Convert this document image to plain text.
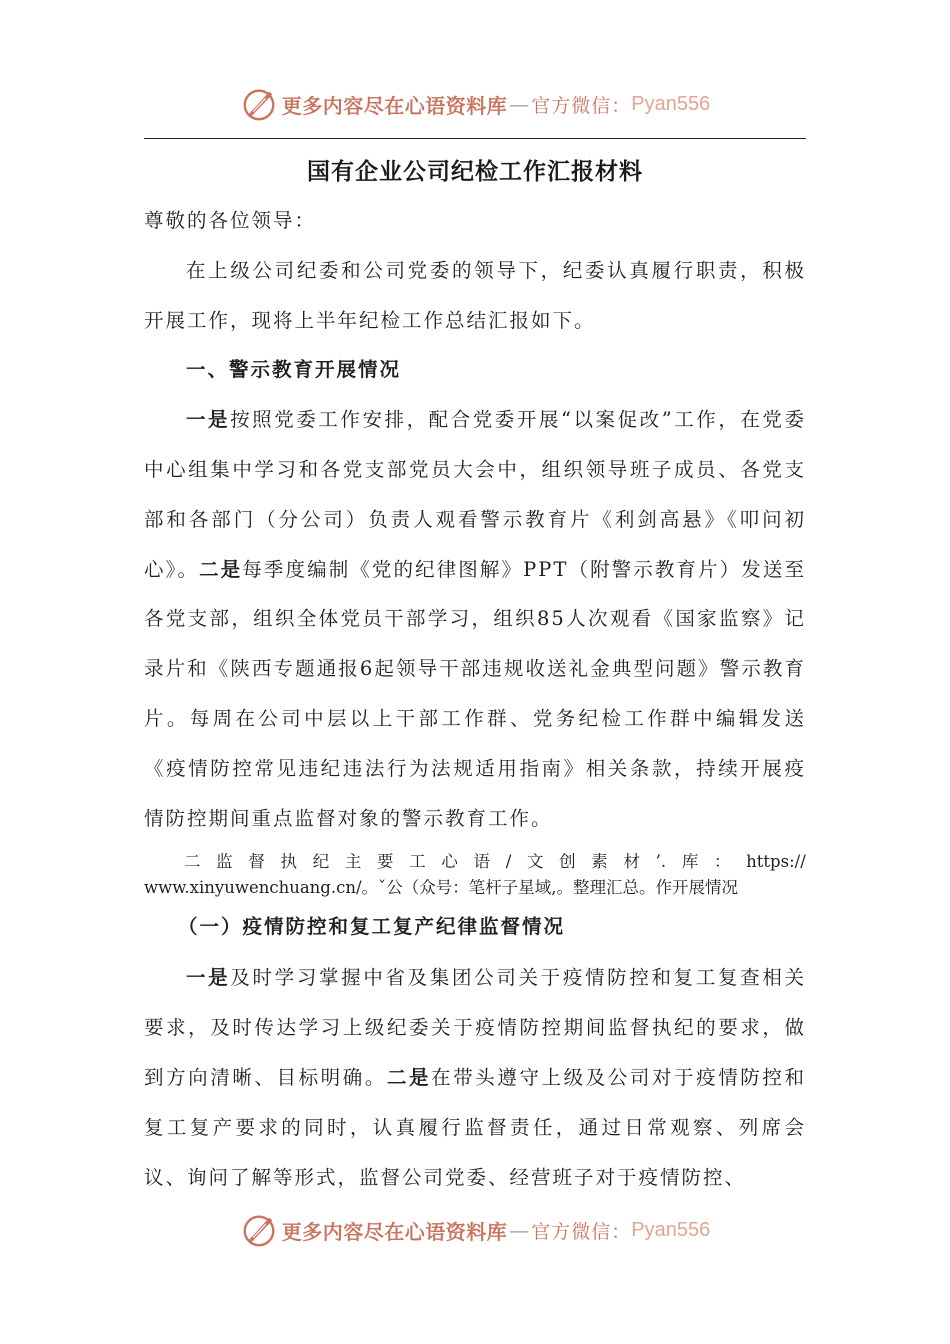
更多内容尽在心语资料库 — 官方微信： Pyan556
国有企业公司纪检工作汇报材料

尊敬的各位领导：

在上级公司纪委和公司党委的领导下，纪委认真履行职责，积极开展工作，现将上半年纪检工作总结汇报如下。

一、警示教育开展情况

一是按照党委工作安排，配合党委开展“以案促改”工作，在党委中心组集中学习和各党支部党员大会中，组织领导班子成员、各党支部和各部门（分公司）负责人观看警示教育片《利剑高悬》《叩问初心》。二是每季度编制《党的纪律图解》PPT（附警示教育片）发送至各党支部，组织全体党员干部学习，组织85人次观看《国家监察》记录片和《陕西专题通报6起领导干部违规收送礼金典型问题》警示教育片。每周在公司中层以上干部工作群、党务纪检工作群中编辑发送《疫情防控常见违纪违法行为法规适用指南》相关条款，持续开展疫情防控期间重点监督对象的警示教育工作。

二 监 督 执 纪 主 要 工 心 语 / 文 创 素 材 ’. 库 ： https://
www.xinyuwenchuang.cn/。ˇ公（众号：笔杆子星域,。整理汇总。作开展情况

（一）疫情防控和复工复产纪律监督情况

一是及时学习掌握中省及集团公司关于疫情防控和复工复查相关要求，及时传达学习上级纪委关于疫情防控期间监督执纪的要求，做到方向清晰、目标明确。二是在带头遵守上级及公司对于疫情防控和复工复产要求的同时，认真履行监督责任，通过日常观察、列席会议、询问了解等形式，监督公司党委、经营班子对于疫情防控、

更多内容尽在心语资料库 — 官方微信： Pyan556
